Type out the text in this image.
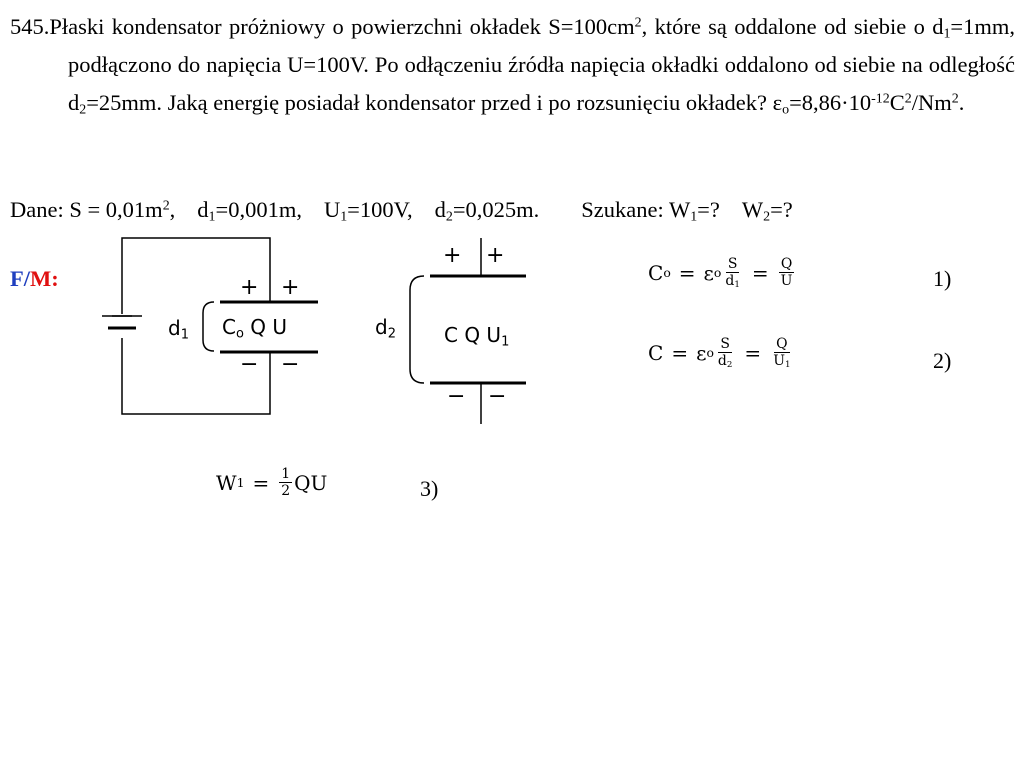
545.Płaski kondensator próżniowy o powierzchni okładek $S=100cm^2$, które są oddalone od siebie o $d_1=1mm$, podłączono do napięcia U=100V. Po odłączeniu źródła napięcia okładki oddalono od siebie na odległość $d_2=25mm$. Jaką energię posiadał kondensator przed i po rozsunięciu okładek? $\varepsilon_o=8,86\cdot 10^{-12}C^2/Nm^2$.
Dane: $S = 0,01m^2$, $d_1=0,001m$, $U_1=100V$, $d_2=0,025m$. Szukane: $W_1=$? $W_2=$?
F/M:	+ +
− −
$d_1$ $C_o$ Q U
+ +
− −
$d_2$ C Q $U_1$
C o = ε o $\frac{S}{d_1} = \frac{Q}{U}$	1)
C = ε o $\frac{S}{d_2} = \frac{Q}{U_1}$	2)
W $1 = \frac{1}{2}$ QU	3)
